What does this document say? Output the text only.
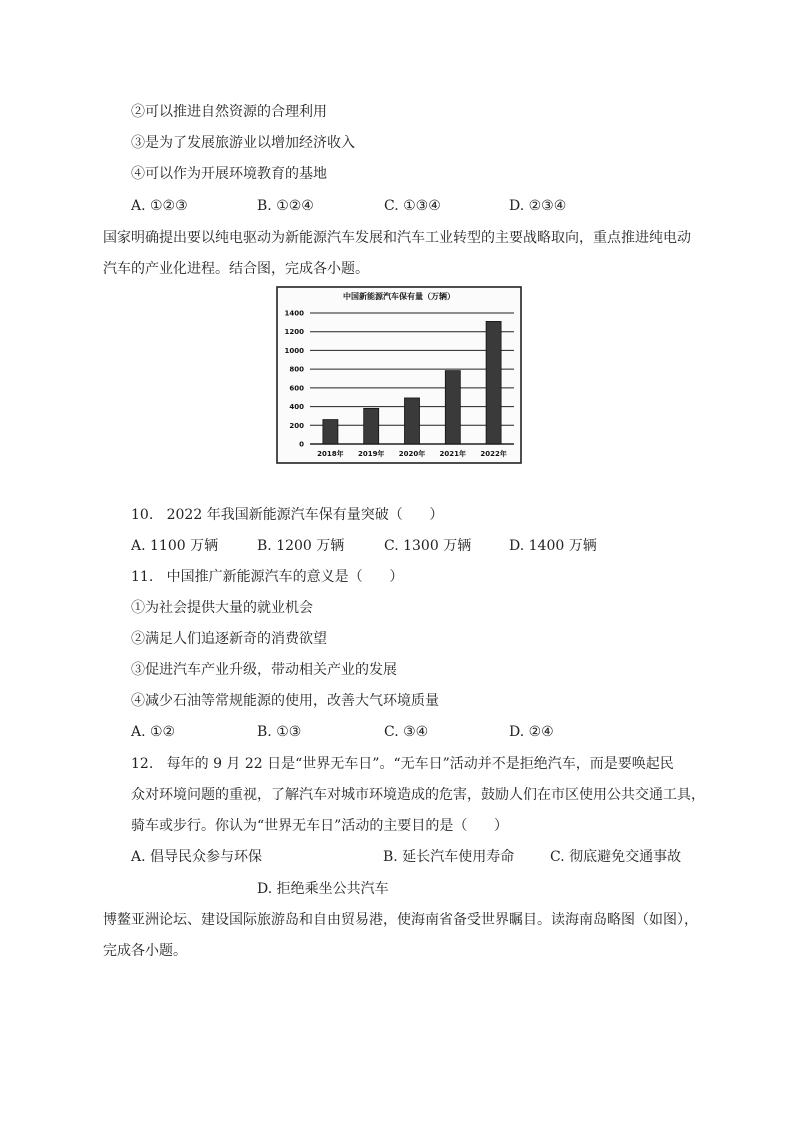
②可以推进自然资源的合理利用
③是为了发展旅游业以增加经济收入
④可以作为开展环境教育的基地
A. ①②③	B. ①②④	C. ①③④	D. ②③④
国家明确提出要以纯电驱动为新能源汽车发展和汽车工业转型的主要战略取向，重点推进纯电动
汽车的产业化进程。结合图，完成各小题。
中国新能源汽车保有量（万辆）
0
200
400
600
800
1000
1200
1400
2018年 2019年 2020年 2021年 2022年
10.   2022 年我国新能源汽车保有量突破（      ）
A. 1100 万辆	B. 1200 万辆	C. 1300 万辆	D. 1400 万辆
11.   中国推广新能源汽车的意义是（      ）
①为社会提供大量的就业机会
②满足人们追逐新奇的消费欲望
③促进汽车产业升级，带动相关产业的发展
④减少石油等常规能源的使用，改善大气环境质量
A. ①②	B. ①③	C. ③④	D. ②④
12.   每年的 9 月 22 日是“世界无车日”。“无车日”活动并不是拒绝汽车，而是要唤起民
众对环境问题的重视，了解汽车对城市环境造成的危害，鼓励人们在市区使用公共交通工具，
骑车或步行。你认为“世界无车日”活动的主要目的是（      ）
A. 倡导民众参与环保	B. 延长汽车使用寿命	C. 彻底避免交通事故
D. 拒绝乘坐公共汽车
博鳌亚洲论坛、建设国际旅游岛和自由贸易港，使海南省备受世界瞩目。读海南岛略图（如图），
完成各小题。
